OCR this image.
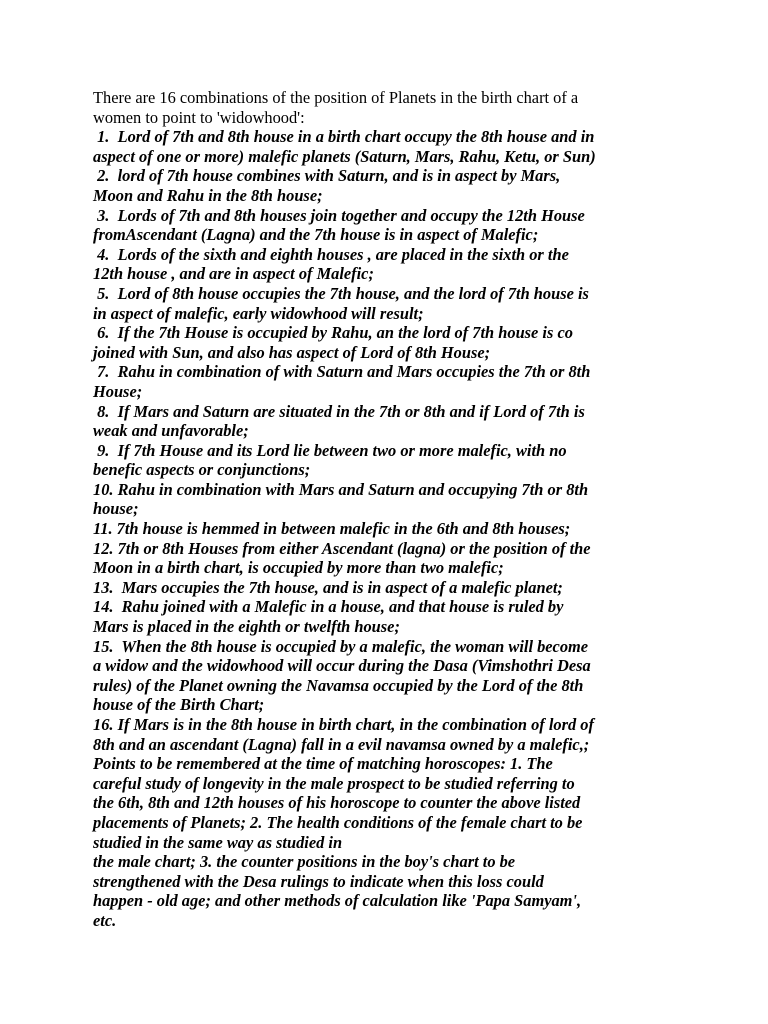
There are 16 combinations of the position of Planets in the birth chart of a
women to point to 'widowhood':
1.  Lord of 7th and 8th house in a birth chart occupy the 8th house and in
aspect of one or more) malefic planets (Saturn, Mars, Rahu, Ketu, or Sun)
2.  lord of 7th house combines with Saturn, and is in aspect by Mars,
Moon and Rahu in the 8th house;
3.  Lords of 7th and 8th houses join together and occupy the 12th House
fromAscendant (Lagna) and the 7th house is in aspect of Malefic;
4.  Lords of the sixth and eighth houses , are placed in the sixth or the
12th house , and are in aspect of Malefic;
5.  Lord of 8th house occupies the 7th house, and the lord of 7th house is
in aspect of malefic, early widowhood will result;
6.  If the 7th House is occupied by Rahu, an the lord of 7th house is co
joined with Sun, and also has aspect of Lord of 8th House;
7.  Rahu in combination of with Saturn and Mars occupies the 7th or 8th
House;
8.  If Mars and Saturn are situated in the 7th or 8th and if Lord of 7th is
weak and unfavorable;
9.  If 7th House and its Lord lie between two or more malefic, with no
benefic aspects or conjunctions;
10. Rahu in combination with Mars and Saturn and occupying 7th or 8th
house;
11. 7th house is hemmed in between malefic in the 6th and 8th houses;
12. 7th or 8th Houses from either Ascendant (lagna) or the position of the
Moon in a birth chart, is occupied by more than two malefic;
13.  Mars occupies the 7th house, and is in aspect of a malefic planet;
14.  Rahu joined with a Malefic in a house, and that house is ruled by
Mars is placed in the eighth or twelfth house;
15.  When the 8th house is occupied by a malefic, the woman will become
a widow and the widowhood will occur during the Dasa (Vimshothri Desa
rules) of the Planet owning the Navamsa occupied by the Lord of the 8th
house of the Birth Chart;
16. If Mars is in the 8th house in birth chart, in the combination of lord of
8th and an ascendant (Lagna) fall in a evil navamsa owned by a malefic,;
Points to be remembered at the time of matching horoscopes: 1. The
careful study of longevity in the male prospect to be studied referring to
the 6th, 8th and 12th houses of his horoscope to counter the above listed
placements of Planets; 2. The health conditions of the female chart to be
studied in the same way as studied in
the male chart; 3. the counter positions in the boy's chart to be
strengthened with the Desa rulings to indicate when this loss could
happen - old age; and other methods of calculation like 'Papa Samyam',
etc.
